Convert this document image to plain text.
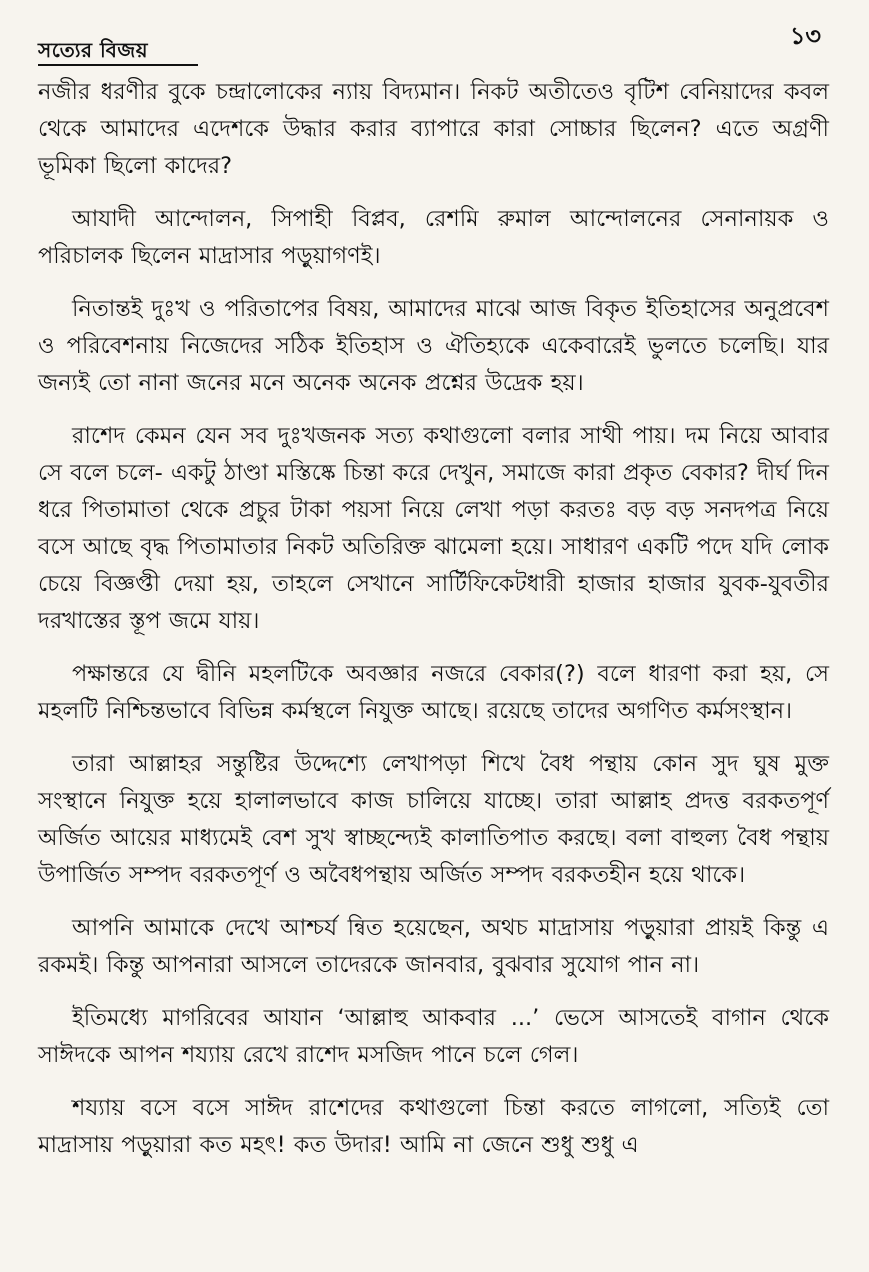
সত্যের বিজয়	১৩

নজীর ধরণীর বুকে চন্দ্রালোকের ন্যায় বিদ্যমান। নিকট অতীতেও বৃটিশ বেনিয়াদের কবল থেকে আমাদের এদেশকে উদ্ধার করার ব্যাপারে কারা সোচ্চার ছিলেন? এতে অগ্রণী ভূমিকা ছিলো কাদের?

আযাদী আন্দোলন, সিপাহী বিপ্লব, রেশমি রুমাল আন্দোলনের সেনানায়ক ও পরিচালক ছিলেন মাদ্রাসার পড়ুয়াগণই।

নিতান্তই দুঃখ ও পরিতাপের বিষয়, আমাদের মাঝে আজ বিকৃত ইতিহাসের অনুপ্রবেশ ও পরিবেশনায় নিজেদের সঠিক ইতিহাস ও ঐতিহ্যকে একেবারেই ভুলতে চলেছি। যার জন্যই তো নানা জনের মনে অনেক অনেক প্রশ্নের উদ্রেক হয়।

রাশেদ কেমন যেন সব দুঃখজনক সত্য কথাগুলো বলার সাথী পায়। দম নিয়ে আবার সে বলে চলে- একটু ঠাণ্ডা মস্তিষ্কে চিন্তা করে দেখুন, সমাজে কারা প্রকৃত বেকার? দীর্ঘ দিন ধরে পিতামাতা থেকে প্রচুর টাকা পয়সা নিয়ে লেখা পড়া করতঃ বড় বড় সনদপত্র নিয়ে বসে আছে বৃদ্ধ পিতামাতার নিকট অতিরিক্ত ঝামেলা হয়ে। সাধারণ একটি পদে যদি লোক চেয়ে বিজ্ঞপ্তী দেয়া হয়, তাহলে সেখানে সার্টিফিকেটধারী হাজার হাজার যুবক-যুবতীর দরখাস্তের স্তূপ জমে যায়।

পক্ষান্তরে যে দ্বীনি মহলটিকে অবজ্ঞার নজরে বেকার(?) বলে ধারণা করা হয়, সে মহলটি নিশ্চিন্তভাবে বিভিন্ন কর্মস্থলে নিযুক্ত আছে। রয়েছে তাদের অগণিত কর্মসংস্থান।

তারা আল্লাহর সন্তুষ্টির উদ্দেশ্যে লেখাপড়া শিখে বৈধ পন্থায় কোন সুদ ঘুষ মুক্ত সংস্থানে নিযুক্ত হয়ে হালালভাবে কাজ চালিয়ে যাচ্ছে। তারা আল্লাহ প্রদত্ত বরকতপূর্ণ অর্জিত আয়ের মাধ্যমেই বেশ সুখ স্বাচ্ছন্দ্যেই কালাতিপাত করছে। বলা বাহুল্য বৈধ পন্থায় উপার্জিত সম্পদ বরকতপূর্ণ ও অবৈধপন্থায় অর্জিত সম্পদ বরকতহীন হয়ে থাকে।

আপনি আমাকে দেখে আশ্চর্য ন্বিত হয়েছেন, অথচ মাদ্রাসায় পড়ুয়ারা প্রায়ই কিন্তু এ রকমই। কিন্তু আপনারা আসলে তাদেরকে জানবার, বুঝবার সুযোগ পান না।

ইতিমধ্যে মাগরিবের আযান ‘আল্লাহু আকবার ...’ ভেসে আসতেই বাগান থেকে সাঈদকে আপন শয্যায় রেখে রাশেদ মসজিদ পানে চলে গেল।

শয্যায় বসে বসে সাঈদ রাশেদের কথাগুলো চিন্তা করতে লাগলো, সত্যিই তো মাদ্রাসায় পড়ুয়ারা কত মহৎ! কত উদার! আমি না জেনে শুধু শুধু এ
